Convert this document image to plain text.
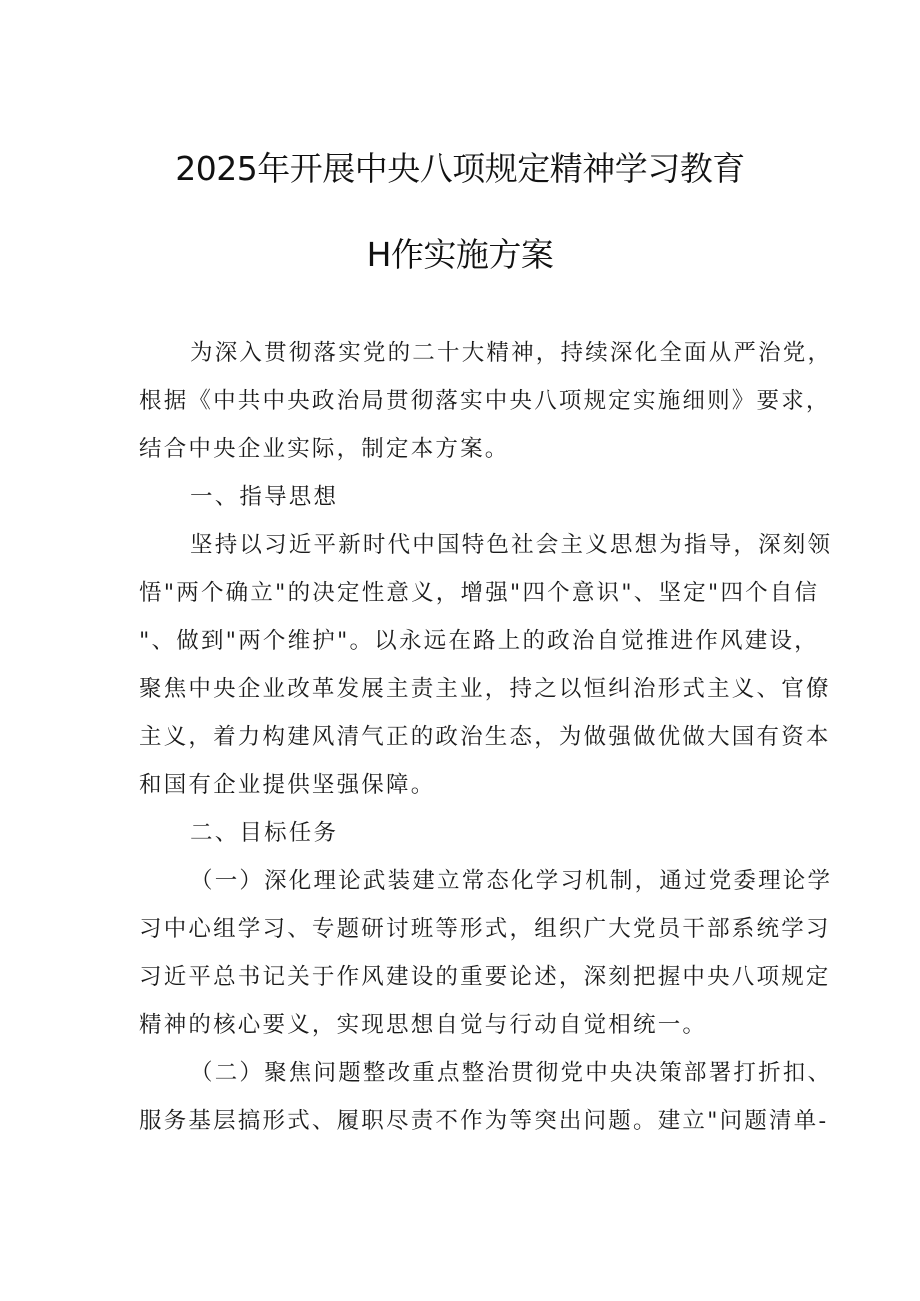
2025年开展中央八项规定精神学习教育
H作实施方案
为深入贯彻落实党的二十大精神，持续深化全面从严治党，
根据《中共中央政治局贯彻落实中央八项规定实施细则》要求，
结合中央企业实际，制定本方案。
一、指导思想
坚持以习近平新时代中国特色社会主义思想为指导，深刻领
悟"两个确立"的决定性意义，增强"四个意识"、坚定"四个自信
"、做到"两个维护"。以永远在路上的政治自觉推进作风建设，
聚焦中央企业改革发展主责主业，持之以恒纠治形式主义、官僚
主义，着力构建风清气正的政治生态，为做强做优做大国有资本
和国有企业提供坚强保障。
二、目标任务
（一）深化理论武装建立常态化学习机制，通过党委理论学
习中心组学习、专题研讨班等形式，组织广大党员干部系统学习
习近平总书记关于作风建设的重要论述，深刻把握中央八项规定
精神的核心要义，实现思想自觉与行动自觉相统一。
（二）聚焦问题整改重点整治贯彻党中央决策部署打折扣、
服务基层搞形式、履职尽责不作为等突出问题。建立"问题清单-
